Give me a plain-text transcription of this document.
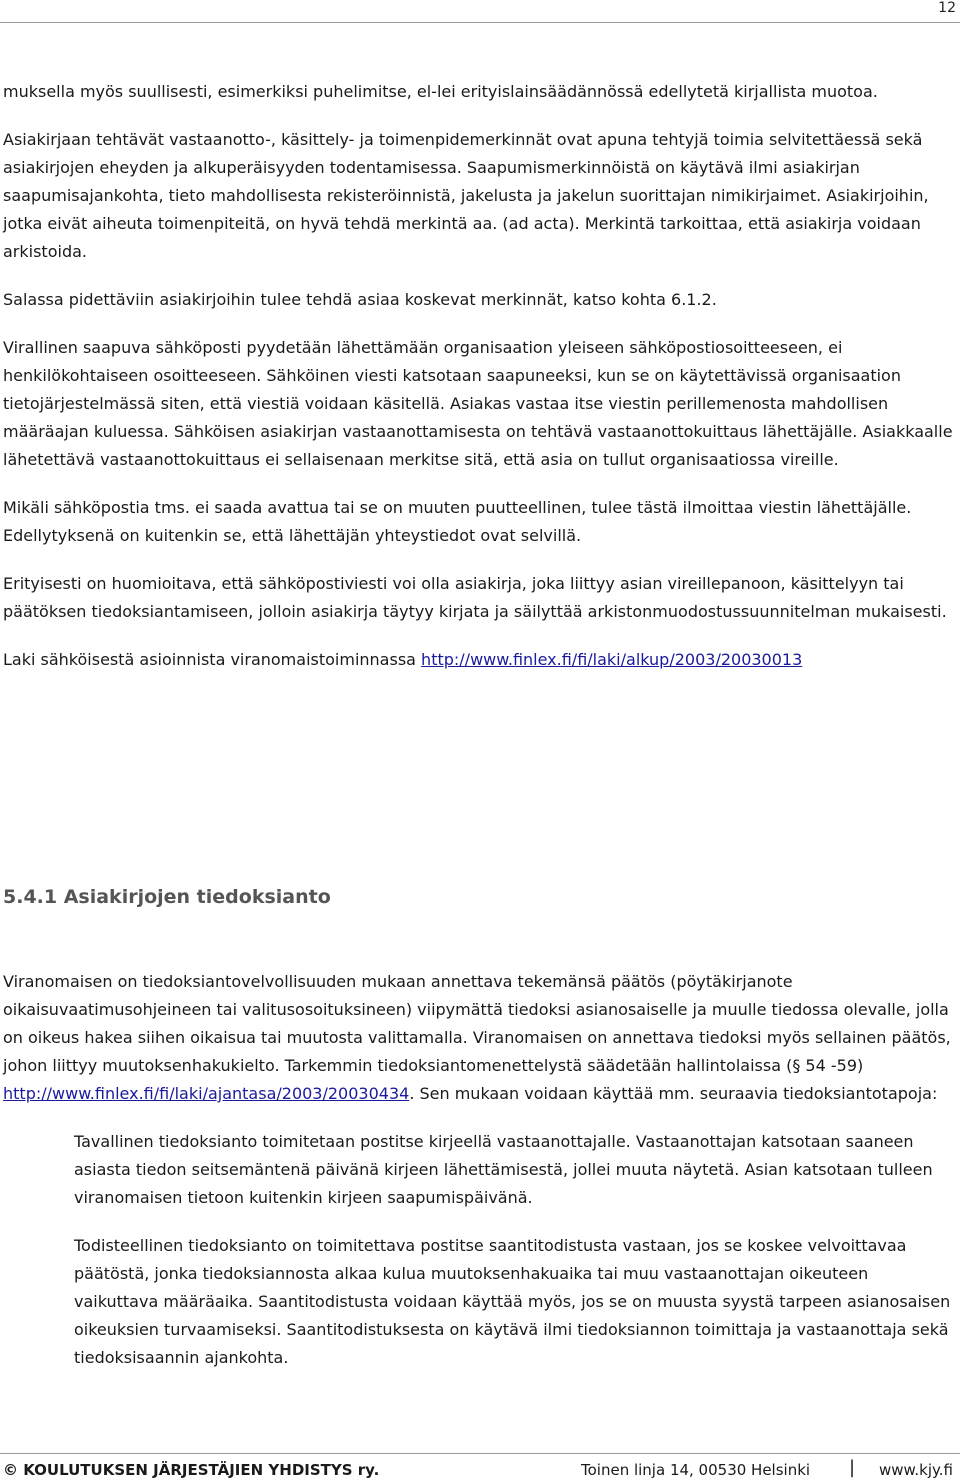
12

muksella myös suullisesti, esimerkiksi puhelimitse, el-lei erityislainsäädännössä edellytetä kirjallista muotoa.

Asiakirjaan tehtävät vastaanotto-, käsittely- ja toimenpidemerkinnät ovat apuna tehtyjä toimia selvitettäessä sekä asiakirjojen eheyden ja alkuperäisyyden todentamisessa. Saapumismerkinnöistä on käytävä ilmi asiakirjan saapumisajankohta, tieto mahdollisesta rekisteröinnistä, jakelusta ja jakelun suorittajan nimikirjaimet. Asiakirjoihin, jotka eivät aiheuta toimenpiteitä, on hyvä tehdä merkintä aa. (ad acta). Merkintä tarkoittaa, että asiakirja voidaan arkistoida.

Salassa pidettäviin asiakirjoihin tulee tehdä asiaa koskevat merkinnät, katso kohta 6.1.2.

Virallinen saapuva sähköposti pyydetään lähettämään organisaation yleiseen sähköpostiosoitteeseen, ei henkilökohtaiseen osoitteeseen. Sähköinen viesti katsotaan saapuneeksi, kun se on käytettävissä organisaation tietojärjestelmässä siten, että viestiä voidaan käsitellä. Asiakas vastaa itse viestin perillemenosta mahdollisen määräajan kuluessa. Sähköisen asiakirjan vastaanottamisesta on tehtävä vastaanottokuittaus lähettäjälle. Asiakkaalle lähetettävä vastaanottokuittaus ei sellaisenaan merkitse sitä, että asia on tullut organisaatiossa vireille.

Mikäli sähköpostia tms. ei saada avattua tai se on muuten puutteellinen, tulee tästä ilmoittaa viestin lähettäjälle. Edellytyksenä on kuitenkin se, että lähettäjän yhteystiedot ovat selvillä.

Erityisesti on huomioitava, että sähköpostiviesti voi olla asiakirja, joka liittyy asian vireillepanoon, käsittelyyn tai päätöksen tiedoksiantamiseen, jolloin asiakirja täytyy kirjata ja säilyttää arkistonmuodostussuunnitelman mukaisesti.

Laki sähköisestä asioinnista viranomaistoiminnassa http://www.finlex.fi/fi/laki/alkup/2003/20030013

5.4.1 Asiakirjojen tiedoksianto

Viranomaisen on tiedoksiantovelvollisuuden mukaan annettava tekemänsä päätös (pöytäkirjanote oikaisuvaatimusohjeineen tai valitusosoituksineen) viipymättä tiedoksi asianosaiselle ja muulle tiedossa olevalle, jolla on oikeus hakea siihen oikaisua tai muutosta valittamalla. Viranomaisen on annettava tiedoksi myös sellainen päätös, johon liittyy muutoksenhakukielto. Tarkemmin tiedoksiantomenettelystä säädetään hallintolaissa (§ 54 -59) http://www.finlex.fi/fi/laki/ajantasa/2003/20030434. Sen mukaan voidaan käyttää mm. seuraavia tiedoksiantotapoja:

Tavallinen tiedoksianto toimitetaan postitse kirjeellä vastaanottajalle. Vastaanottajan katsotaan saaneen asiasta tiedon seitsemäntenä päivänä kirjeen lähettämisestä, jollei muuta näytetä. Asian katsotaan tulleen viranomaisen tietoon kuitenkin kirjeen saapumispäivänä.

Todisteellinen tiedoksianto on toimitettava postitse saantitodistusta vastaan, jos se koskee velvoittavaa päätöstä, jonka tiedoksiannosta alkaa kulua muutoksenhakuaika tai muu vastaanottajan oikeuteen vaikuttava määräaika. Saantitodistusta voidaan käyttää myös, jos se on muusta syystä tarpeen asianosaisen oikeuksien turvaamiseksi. Saantitodistuksesta on käytävä ilmi tiedoksiannon toimittaja ja vastaanottaja sekä tiedoksisaannin ajankohta.

© KOULUTUKSEN JÄRJESTÄJIEN YHDISTYS ry.	Toinen linja 14, 00530 Helsinki | www.kjy.fi
